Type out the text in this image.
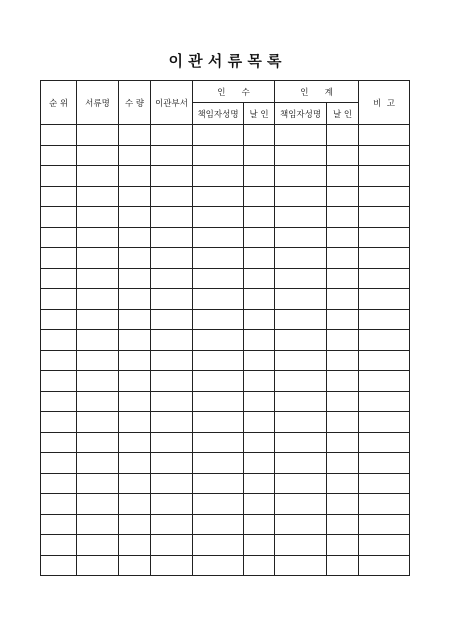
이 관 서 류 목 록
순 위	서류명	수 량	이관부서	인      수		인      계		비  고
				책임자성명	날 인	책임자성명	날 인	
